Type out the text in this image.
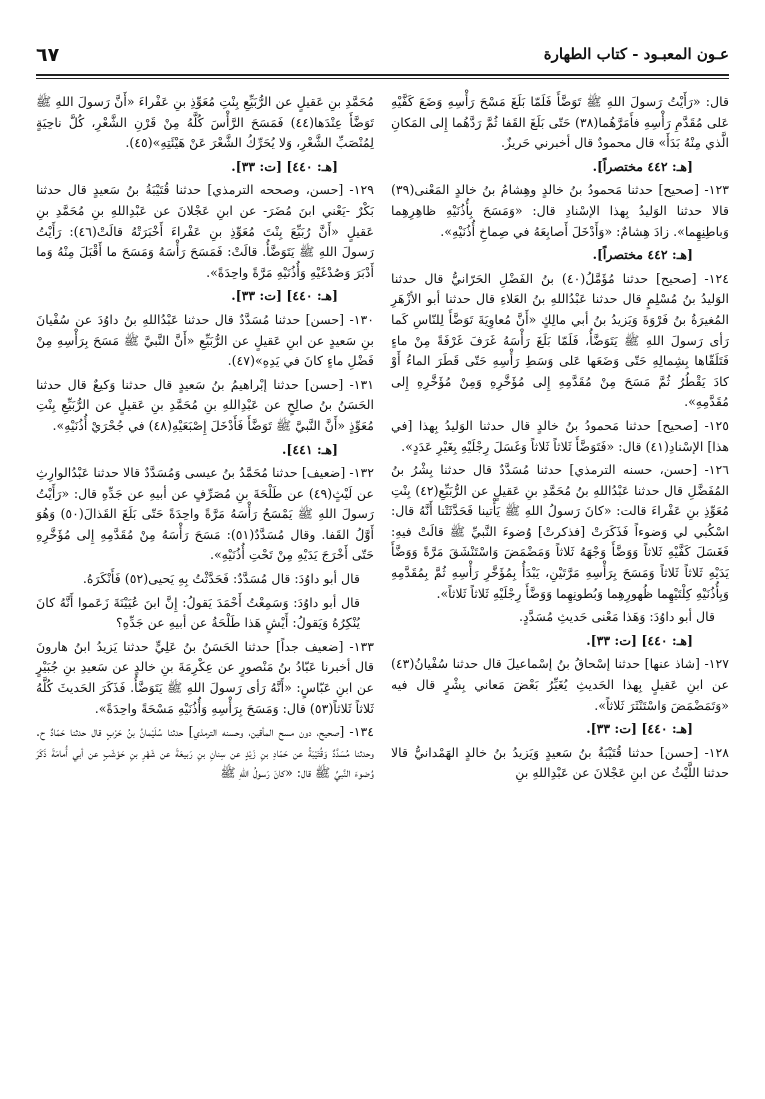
٦٧	عـون المعبـود - كتاب الطهارة

قال: «رَأَيْتُ رَسولَ اللهِ ﷺ تَوَضَّأَ فَلَمّا بَلَغَ مَسْحَ رَأْسِهِ وَضَعَ كَفَّيْهِ عَلى مُقَدَّمِ رَأْسِهِ فأَمَرَّهُما(٣٨) حَتّى بَلَغَ القَفا ثُمَّ رَدَّهُما إِلى المَكانِ الَّذي مِنْهُ بَدَأَ» قال محمودٌ قال أخبرني حَريزٌ.

[هـ: ٤٤٢ مختصراً].

١٢٣- [صحيح] حدثنا مَحمودُ بنُ خالدٍ وهِشامُ بنُ خالدٍ المَعْنى(٣٩) قالا حدثنا الوَليدُ بِهذا الإسْنادِ قال: «وَمَسَحَ بِأُذُنَيْهِ ظاهِرِهِما وَباطِنِهِما». زادَ هِشامٌ: «وَأَدْخَلَ أَصابِعَهُ في صِماخِ أُذُنَيْهِ».

[هـ: ٤٤٢ مختصراً].

١٢٤- [صحيح] حدثنا مُؤَمَّلُ(٤٠) بنُ الفَضْلِ الحَرّانيُّ قال حدثنا الوَليدُ بنُ مُسْلِمٍ قال حدثنا عَبْدُاللهِ بنُ العَلاءِ قال حدثنا أبو الأزْهَرِ المُغيرَةُ بنُ فَرْوَةَ وَيَزيدُ بنُ أبي مالِكٍ «أَنَّ مُعاوِيَةَ تَوَضَّأَ لِلنّاسِ كَما رَأى رَسولَ اللهِ ﷺ يَتَوَضَّأُ، فَلَمّا بَلَغَ رَأْسَهُ غَرَفَ غَرْفَةً مِنْ ماءٍ فَتَلَقّاها بِشِمالِهِ حَتّى وَضَعَها عَلى وَسَطِ رَأْسِهِ حَتّى قَطَرَ الماءُ أَوْ كادَ يَقْطُرُ ثُمَّ مَسَحَ مِنْ مُقَدَّمِهِ إِلى مُؤَخَّرِهِ وَمِنْ مُؤَخَّرِهِ إِلى مُقَدَّمِهِ».

١٢٥- [صحيح] حدثنا مَحمودُ بنُ خالدٍ قال حدثنا الوَليدُ بِهذا [في هذا] الإسْنادِ(٤١) قال: «فَتَوَضَّأَ ثَلاثاً ثَلاثاً وَغَسَلَ رِجْلَيْهِ بِغَيْرِ عَدَدٍ».

١٢٦- [حسن، حسنه الترمذي] حدثنا مُسَدَّدٌ قال حدثنا بِشْرُ بنُ المُفَضَّلِ قال حدثنا عَبْدُاللهِ بنُ مُحَمَّدِ بنِ عَقيلٍ عن الرُّبَيِّعِ(٤٢) بِنْتِ مُعَوِّذِ بنِ عَفْراءَ قالت: «كانَ رَسولُ اللهِ ﷺ يَأْتينا فَحَدَّثَتْنا أَنَّهُ قال: اسْكُبي لي وَضوءاً فَذَكَرَتْ [فذكرتْ] وُضوءَ النَّبيِّ ﷺ قالَتْ فيهِ: فَغَسَلَ كَفَّيْهِ ثَلاثاً وَوَضَّأَ وَجْهَهُ ثَلاثاً وَمَضْمَضَ وَاسْتَنْشَقَ مَرَّةً وَوَضَّأَ يَدَيْهِ ثَلاثاً ثَلاثاً وَمَسَحَ بِرَأْسِهِ مَرَّتَيْنِ، يَبْدَأُ بِمُؤَخَّرِ رَأْسِهِ ثُمَّ بِمُقَدَّمِهِ وَبِأُذُنَيْهِ كِلْتَيْهِما ظُهورِهِما وَبُطونِهِما وَوَضَّأَ رِجْلَيْهِ ثَلاثاً ثَلاثاً».

قال أبو داوُدَ: وَهَذا مَعْنى حَديثِ مُسَدَّدٍ.

[هـ: ٤٤٠] [ت: ٣٣].

١٢٧- [شاذ عنها] حدثنا إسْحاقُ بنُ إسْماعيلَ قال حدثنا سُفْيانُ(٤٣) عن ابنِ عَقيلٍ بِهذا الحَديثِ يُغَيِّرُ بَعْضَ مَعاني بِشْرٍ قال فيه «وَتَمَضْمَضَ وَاسْتَنْثَرَ ثَلاثاً».

[هـ: ٤٤٠] [ت: ٣٣].

١٢٨- [حسن] حدثنا قُتَيْبَةُ بنُ سَعيدٍ وَيَزيدُ بنُ خالدٍ الهَمْدانيُّ قالا حدثنا اللَّيْثُ عن ابنِ عَجْلانَ عن عَبْدِاللهِ بنِ

مُحَمَّدِ بنِ عَقيلٍ عن الرُّبَيِّعِ بِنْتِ مُعَوِّذِ بنِ عَفْراءَ «أَنَّ رَسولَ اللهِ ﷺ تَوَضَّأَ عِنْدَها(٤٤) فَمَسَحَ الرَّأْسَ كُلَّهُ مِنْ قَرْنِ الشَّعْرِ، كُلَّ ناحِيَةٍ لِمُنْصَبِّ الشَّعْرِ، وَلا يُحَرِّكُ الشَّعْرَ عَنْ هَيْئَتِهِ»(٤٥).

[هـ: ٤٤٠] [ت: ٣٣].

١٢٩- [حسن، وصححه الترمذي] حدثنا قُتَيْبَةُ بنُ سَعيدٍ قال حدثنا بَكْرٌ -يَعْني ابنَ مُضَرَ- عن ابنِ عَجْلانَ عن عَبْدِاللهِ بنِ مُحَمَّدِ بنِ عَقيلٍ «أَنَّ رُبَيِّعَ بِنْتَ مُعَوِّذِ بنِ عَفْراءَ أَخْبَرَتْهُ قالَتْ(٤٦): رَأَيْتُ رَسولَ اللهِ ﷺ يَتَوَضَّأُ. قالَتْ: فَمَسَحَ رَأْسَهُ وَمَسَحَ ما أَقْبَلَ مِنْهُ وَما أَدْبَرَ وَصُدْغَيْهِ وَأُذُنَيْهِ مَرَّةً واحِدَةً».

[هـ: ٤٤٠] [ت: ٣٣].

١٣٠- [حسن] حدثنا مُسَدَّدٌ قال حدثنا عَبْدُاللهِ بنُ داوُدَ عن سُفْيانَ بنِ سَعيدٍ عن ابنِ عَقيلٍ عن الرُّبَيِّعِ «أَنَّ النَّبيَّ ﷺ مَسَحَ بِرَأْسِهِ مِنْ فَضْلِ ماءٍ كانَ في يَدِهِ»(٤٧).

١٣١- [حسن] حدثنا إبْراهيمُ بنُ سَعيدٍ قال حدثنا وَكيعٌ قال حدثنا الحَسَنُ بنُ صالِحٍ عن عَبْدِاللهِ بنِ مُحَمَّدِ بنِ عَقيلٍ عن الرُّبَيِّعِ بِنْتِ مُعَوِّذٍ «أَنَّ النَّبيَّ ﷺ تَوَضَّأَ فَأَدْخَلَ إِصْبَعَيْهِ(٤٨) في جُحْرَيْ أُذُنَيْهِ».

[هـ: ٤٤١].

١٣٢- [ضعيف] حدثنا مُحَمَّدُ بنُ عيسى وَمُسَدَّدٌ قالا حدثنا عَبْدُالوارِثِ عن لَيْثٍ(٤٩) عن طَلْحَةَ بنِ مُصَرِّفٍ عن أبيهِ عن جَدِّهِ قال: «رَأَيْتُ رَسولَ اللهِ ﷺ يَمْسَحُ رَأْسَهُ مَرَّةً واحِدَةً حَتّى بَلَغَ القَذالَ(٥٠) وَهُوَ أَوَّلُ القَفا. وقال مُسَدَّدٌ(٥١): مَسَحَ رَأْسَهُ مِنْ مُقَدَّمِهِ إِلى مُؤَخَّرِهِ حَتّى أَخْرَجَ يَدَيْهِ مِنْ تَحْتِ أُذُنَيْهِ».

قال أبو داوُدَ: قال مُسَدَّدٌ: فَحَدَّثْتُ بِهِ يَحيى(٥٢) فَأَنْكَرَهُ.

قال أبو داوُدَ: وَسَمِعْتُ أَحْمَدَ يَقولُ: إِنَّ ابنَ عُيَيْنَةَ زَعَموا أَنَّهُ كانَ يُنْكِرُهُ وَيَقولُ: أَيْشٍ هَذا طَلْحَةُ عن أبيهِ عن جَدِّهِ؟

١٣٣- [ضعيف جداً] حدثنا الحَسَنُ بنُ عَلِيٍّ حدثنا يَزيدُ ابنُ هارونَ قال أخبرنا عَبّادُ بنُ مَنْصورٍ عن عِكْرِمَةَ بنِ خالدٍ عن سَعيدِ بنِ جُبَيْرٍ عن ابنِ عَبّاسٍ: «أَنَّهُ رَأى رَسولَ اللهِ ﷺ يَتَوَضَّأُ. فَذَكَرَ الحَديثَ كُلَّهُ ثَلاثاً ثَلاثاً(٥٣) قال: وَمَسَحَ بِرَأْسِهِ وَأُذُنَيْهِ مَسْحَةً واحِدَةً».

١٣٤- [صحيح، دون مسح المأقين، وحسنه الترمذي] حدثنا سُلَيْمانُ بنُ حَرْبٍ قال حدثنا حَمّادٌ ح. وحدثنا مُسَدَّدٌ وَقُتَيْبَةُ عن حَمّادِ بنِ زَيْدٍ عن سِنانِ بنِ رَبيعَةَ عن شَهْرِ بنِ حَوْشَبٍ عن أبي أُمامَةَ ذَكَرَ وُضوءَ النَّبيِّ ﷺ قال: «كانَ رَسولُ اللهِ ﷺ
